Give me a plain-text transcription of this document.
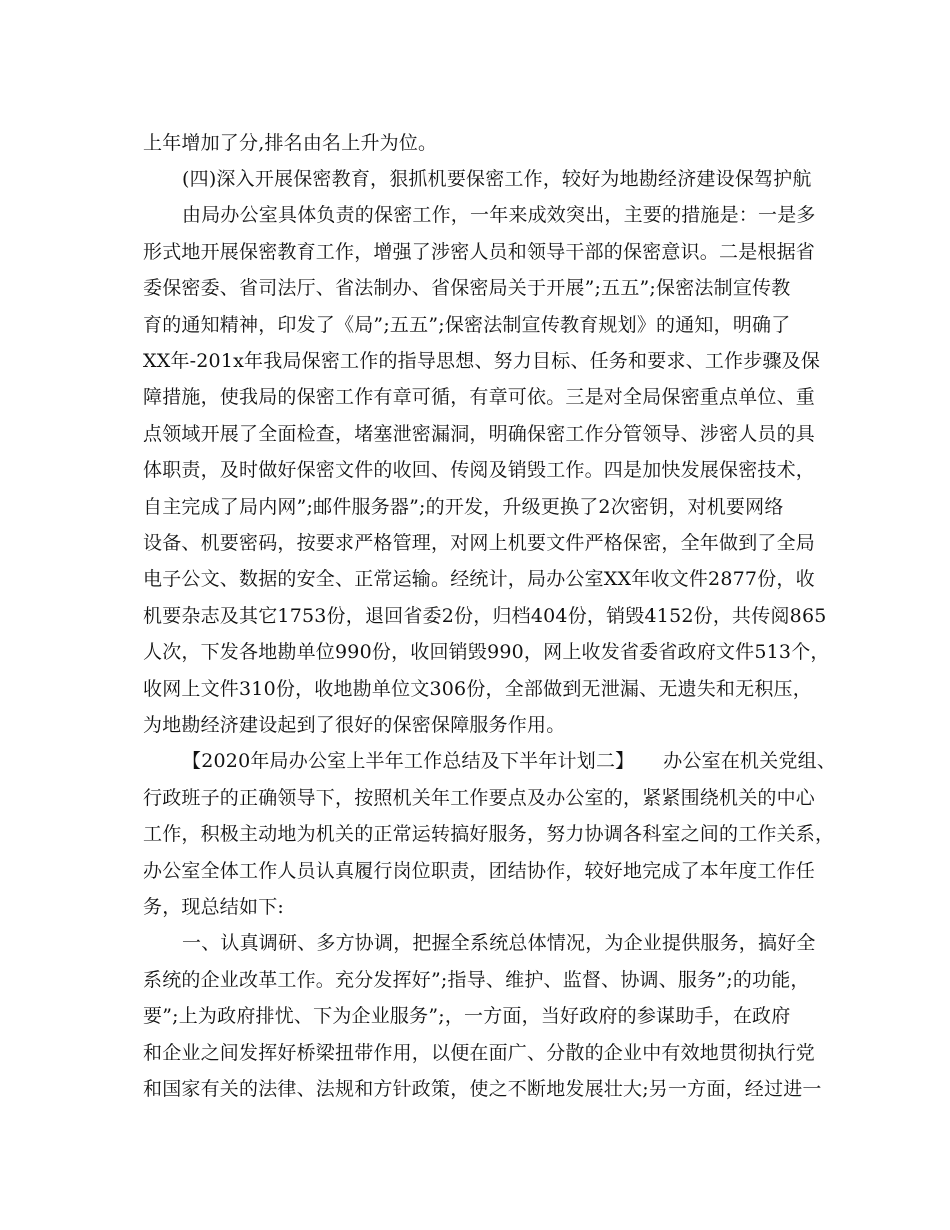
上年增加了分,排名由名上升为位。
(四)深入开展保密教育，狠抓机要保密工作，较好为地勘经济建设保驾护航
由局办公室具体负责的保密工作，一年来成效突出，主要的措施是：一是多
形式地开展保密教育工作，增强了涉密人员和领导干部的保密意识。二是根据省
委保密委、省司法厅、省法制办、省保密局关于开展”;五五”;保密法制宣传教
育的通知精神，印发了《局”;五五”;保密法制宣传教育规划》的通知，明确了
XX年-201x年我局保密工作的指导思想、努力目标、任务和要求、工作步骤及保
障措施，使我局的保密工作有章可循，有章可依。三是对全局保密重点单位、重
点领域开展了全面检查，堵塞泄密漏洞，明确保密工作分管领导、涉密人员的具
体职责，及时做好保密文件的收回、传阅及销毁工作。四是加快发展保密技术，
自主完成了局内网”;邮件服务器”;的开发，升级更换了2次密钥，对机要网络
设备、机要密码，按要求严格管理，对网上机要文件严格保密，全年做到了全局
电子公文、数据的安全、正常运输。经统计，局办公室XX年收文件2877份，收
机要杂志及其它1753份，退回省委2份，归档404份，销毁4152份，共传阅865
人次，下发各地勘单位990份，收回销毁990，网上收发省委省政府文件513个，
收网上文件310份，收地勘单位文306份，全部做到无泄漏、无遗失和无积压，
为地勘经济建设起到了很好的保密保障服务作用。
【2020年局办公室上半年工作总结及下半年计划二】　　办公室在机关党组、
行政班子的正确领导下，按照机关年工作要点及办公室的，紧紧围绕机关的中心
工作，积极主动地为机关的正常运转搞好服务，努力协调各科室之间的工作关系，
办公室全体工作人员认真履行岗位职责，团结协作，较好地完成了本年度工作任
务，现总结如下:
一、认真调研、多方协调，把握全系统总体情况，为企业提供服务，搞好全
系统的企业改革工作。充分发挥好”;指导、维护、监督、协调、服务”;的功能，
要”;上为政府排忧、下为企业服务”;，一方面，当好政府的参谋助手，在政府
和企业之间发挥好桥梁扭带作用，以便在面广、分散的企业中有效地贯彻执行党
和国家有关的法律、法规和方针政策，使之不断地发展壮大;另一方面，经过进一
